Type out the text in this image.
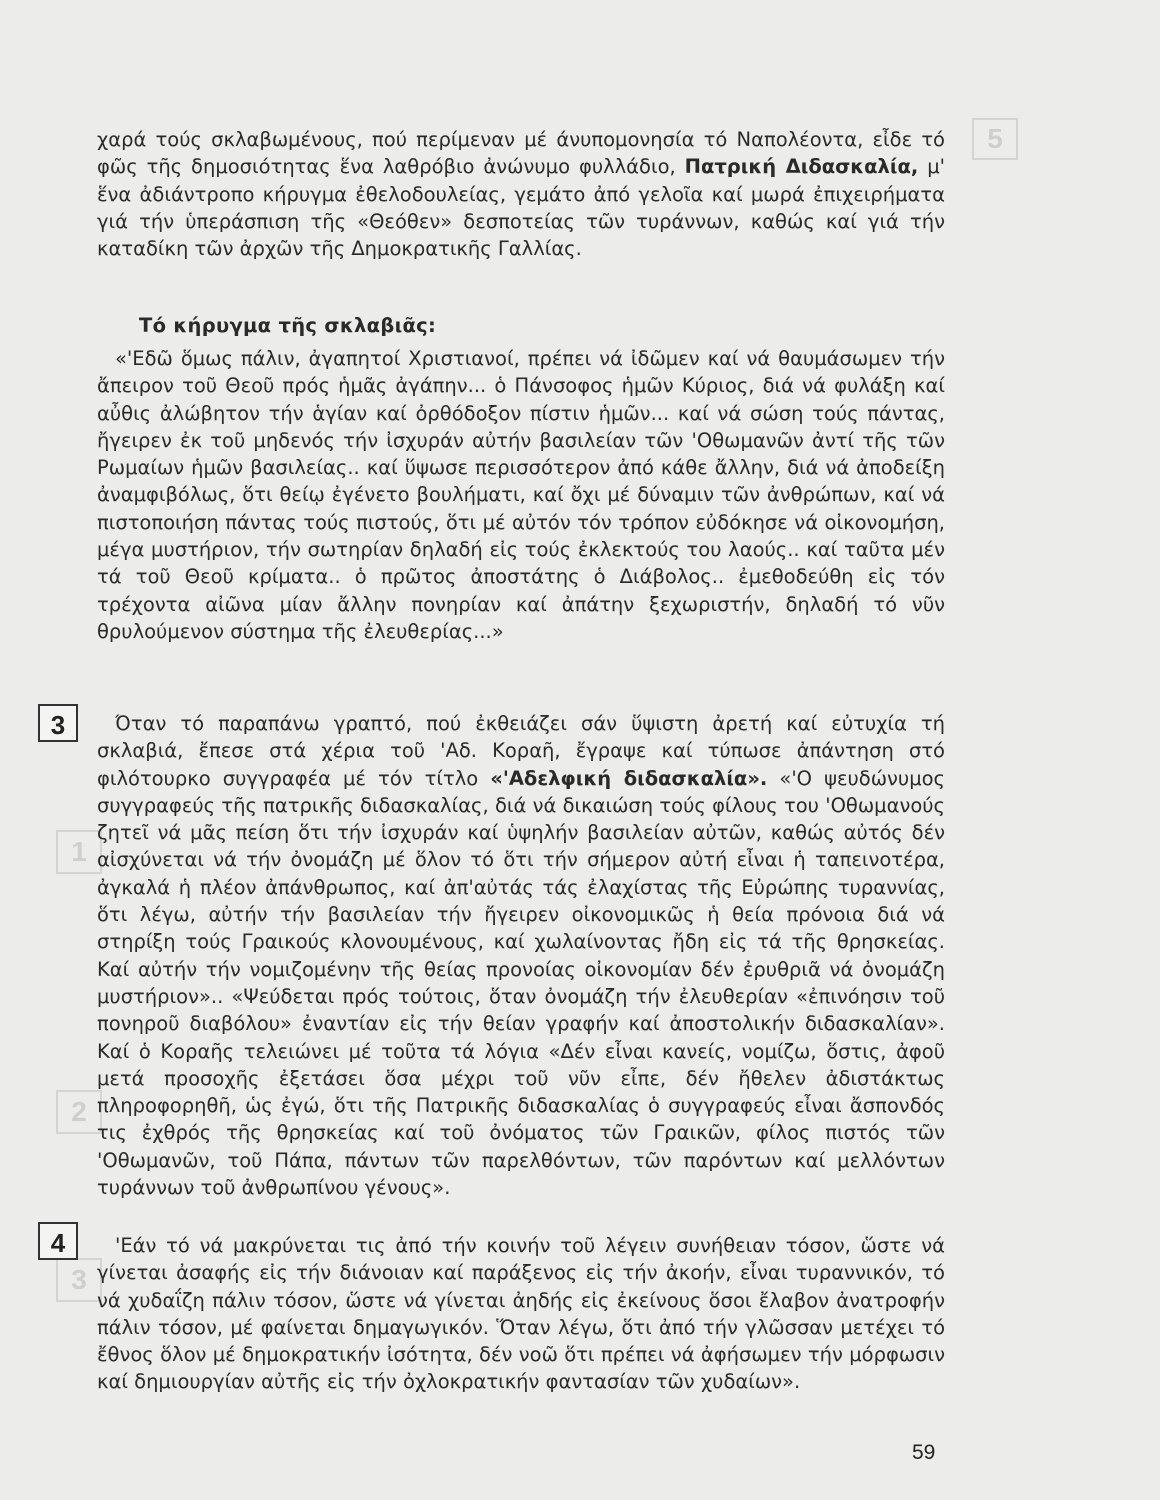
5
1
2
3

χαρά τούς σκλαβωμένους, πού περίμεναν μέ άνυπομονησία τό Ναπολέοντα, εἶδε τό φῶς τῆς δημοσιότητας ἕνα λαθρόβιο ἀνώνυμο φυλλάδιο, Πατρική Διδασκαλία, μ' ἕνα ἀδιάντροπο κήρυγμα ἐθελοδουλείας, γεμάτο ἀπό γελοῖα καί μωρά ἐπιχειρήματα γιά τήν ὑπεράσπιση τῆς «Θεόθεν» δεσποτείας τῶν τυράννων, καθώς καί γιά τήν καταδίκη τῶν ἀρχῶν τῆς Δημοκρατικῆς Γαλλίας.

Τό κήρυγμα τῆς σκλαβιᾶς:

«'Εδῶ ὅμως πάλιν, ἀγαπητοί Χριστιανοί, πρέπει νά ἰδῶμεν καί νά θαυμάσωμεν τήν ἄπειρον τοῦ Θεοῦ πρός ἡμᾶς ἀγάπην... ὁ Πάνσοφος ἡμῶν Κύριος, διά νά φυλάξη καί αὖθις ἀλώβητον τήν ἁγίαν καί ὀρθόδοξον πίστιν ἡμῶν... καί νά σώση τούς πάντας, ἤγειρεν ἐκ τοῦ μηδενός τήν ἰσχυράν αὐτήν βασιλείαν τῶν 'Οθωμανῶν ἀντί τῆς τῶν Ρωμαίων ἡμῶν βασιλείας.. καί ὕψωσε περισσότερον ἀπό κάθε ἄλλην, διά νά ἀποδείξη ἀναμφιβόλως, ὅτι θείῳ ἐγένετο βουλήματι, καί ὄχι μέ δύναμιν τῶν ἀνθρώπων, καί νά πιστοποιήση πάντας τούς πιστούς, ὅτι μέ αὐτόν τόν τρόπον εὐδόκησε νά οἰκονομήση, μέγα μυστήριον, τήν σωτηρίαν δηλαδή εἰς τούς ἐκλεκτούς του λαούς.. καί ταῦτα μέν τά τοῦ Θεοῦ κρίματα.. ὁ πρῶτος ἀποστάτης ὁ Διάβολος.. ἐμεθοδεύθη εἰς τόν τρέχοντα αἰῶνα μίαν ἄλλην πονηρίαν καί ἀπάτην ξεχωριστήν, δηλαδή τό νῦν θρυλούμενον σύστημα τῆς ἐλευθερίας...»

3	Όταν τό παραπάνω γραπτό, πού ἐκθειάζει σάν ὕψιστη ἀρετή καί εὐτυχία τή σκλαβιά, ἔπεσε στά χέρια τοῦ 'Αδ. Κοραῆ, ἔγραψε καί τύπωσε ἀπάντηση στό φιλότουρκο συγγραφέα μέ τόν τίτλο «'Αδελφική διδασκαλία». «'Ο ψευδώνυμος συγγραφεύς τῆς πατρικῆς διδασκαλίας, διά νά δικαιώση τούς φίλους του 'Οθωμανούς ζητεῖ νά μᾶς πείση ὅτι τήν ἰσχυράν καί ὑψηλήν βασιλείαν αὐτῶν, καθώς αὐτός δέν αἰσχύνεται νά τήν ὀνομάζη μέ ὅλον τό ὅτι τήν σήμερον αὐτή εἶναι ἡ ταπεινοτέρα, ἀγκαλά ἡ πλέον ἀπάνθρωπος, καί ἀπ'αὐτάς τάς ἐλαχίστας τῆς Εὐρώπης τυραννίας, ὅτι λέγω, αὐτήν τήν βασιλείαν τήν ἤγειρεν οἰκονομικῶς ἡ θεία πρόνοια διά νά στηρίξη τούς Γραικούς κλονουμένους, καί χωλαίνοντας ἤδη εἰς τά τῆς θρησκείας. Καί αὐτήν τήν νομιζομένην τῆς θείας προνοίας οἰκονομίαν δέν ἐρυθριᾶ νά ὀνομάζη μυστήριον».. «Ψεύδεται πρός τούτοις, ὅταν ὀνομάζη τήν ἐλευθερίαν «ἐπινόησιν τοῦ πονηροῦ διαβόλου» ἐναντίαν εἰς τήν θείαν γραφήν καί ἀποστολικήν διδασκαλίαν». Καί ὁ Κοραῆς τελειώνει μέ τοῦτα τά λόγια «Δέν εἶναι κανείς, νομίζω, ὅστις, ἀφοῦ μετά προσοχῆς ἐξετάσει ὅσα μέχρι τοῦ νῦν εἶπε, δέν ἤθελεν ἀδιστάκτως πληροφορηθῆ, ὡς ἐγώ, ὅτι τῆς Πατρικῆς διδασκαλίας ὁ συγγραφεύς εἶναι ἄσπονδός τις ἐχθρός τῆς θρησκείας καί τοῦ ὀνόματος τῶν Γραικῶν, φίλος πιστός τῶν 'Οθωμανῶν, τοῦ Πάπα, πάντων τῶν παρελθόντων, τῶν παρόντων καί μελλόντων τυράννων τοῦ ἀνθρωπίνου γένους».

4	'Εάν τό νά μακρύνεται τις ἀπό τήν κοινήν τοῦ λέγειν συνήθειαν τόσον, ὥστε νά γίνεται ἀσαφής εἰς τήν διάνοιαν καί παράξενος εἰς τήν ἀκοήν, εἶναι τυραννικόν, τό νά χυδαΐζη πάλιν τόσον, ὥστε νά γίνεται ἀηδής εἰς ἐκείνους ὅσοι ἔλαβον ἀνατροφήν πάλιν τόσον, μέ φαίνεται δημαγωγικόν. Ὅταν λέγω, ὅτι ἀπό τήν γλῶσσαν μετέχει τό ἔθνος ὅλον μέ δημοκρατικήν ἰσότητα, δέν νοῶ ὅτι πρέπει νά ἀφήσωμεν τήν μόρφωσιν καί δημιουργίαν αὐτῆς εἰς τήν ὀχλοκρατικήν φαντασίαν τῶν χυδαίων».

59
